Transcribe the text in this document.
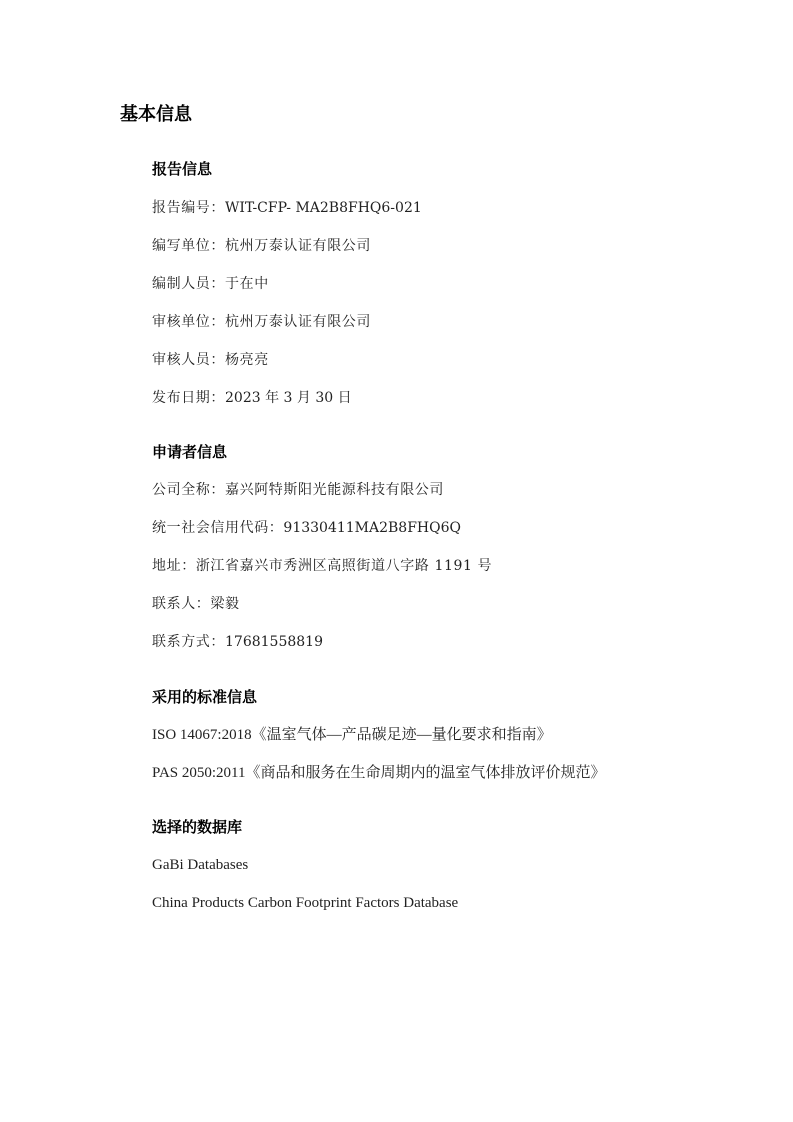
基本信息
报告信息
报告编号：WIT-CFP- MA2B8FHQ6-021
编写单位：杭州万泰认证有限公司
编制人员：于在中
审核单位：杭州万泰认证有限公司
审核人员：杨亮亮
发布日期：2023 年 3 月 30 日
申请者信息
公司全称：嘉兴阿特斯阳光能源科技有限公司
统一社会信用代码：91330411MA2B8FHQ6Q
地址：浙江省嘉兴市秀洲区高照街道八字路 1191 号
联系人：梁毅
联系方式：17681558819
采用的标准信息
ISO 14067:2018《温室气体—产品碳足迹—量化要求和指南》
PAS 2050:2011《商品和服务在生命周期内的温室气体排放评价规范》
选择的数据库
GaBi Databases
China Products Carbon Footprint Factors Database
